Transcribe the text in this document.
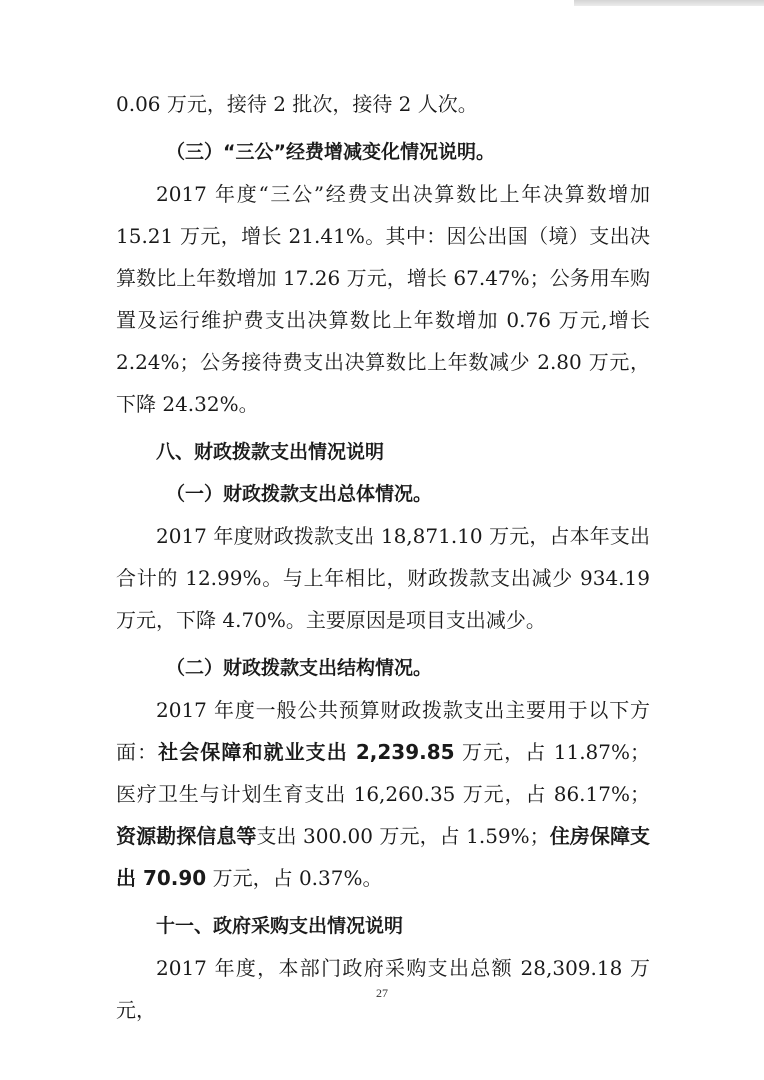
0.06 万元，接待 2 批次，接待 2 人次。

（三）“三公”经费增减变化情况说明。

2017 年度“三公”经费支出决算数比上年决算数增加 15.21 万元，增长 21.41%。其中：因公出国（境）支出决算数比上年数增加 17.26 万元，增长 67.47%；公务用车购置及运行维护费支出决算数比上年数增加 0.76 万元,增长 2.24%；公务接待费支出决算数比上年数减少 2.80 万元，下降 24.32%。

八、财政拨款支出情况说明

（一）财政拨款支出总体情况。

2017 年度财政拨款支出 18,871.10 万元，占本年支出合计的 12.99%。与上年相比，财政拨款支出减少 934.19 万元，下降 4.70%。主要原因是项目支出减少。

（二）财政拨款支出结构情况。

2017 年度一般公共预算财政拨款支出主要用于以下方面：社会保障和就业支出 2,239.85 万元，占 11.87%；医疗卫生与计划生育支出 16,260.35 万元，占 86.17%；资源勘探信息等支出 300.00 万元，占 1.59%；住房保障支出 70.90 万元，占 0.37%。

十一、政府采购支出情况说明

2017 年度，本部门政府采购支出总额 28,309.18 万元，

27
